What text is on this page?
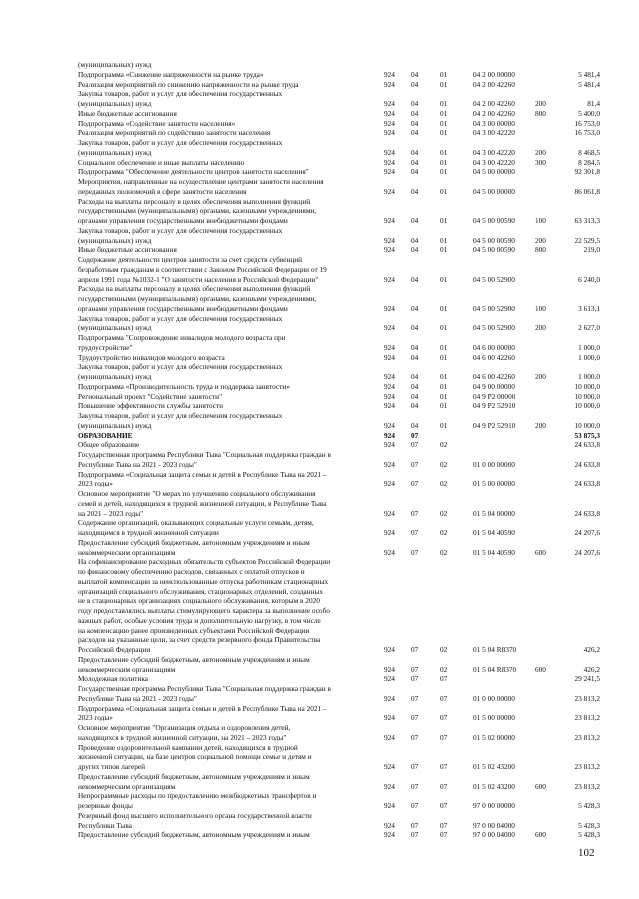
(муниципальных) нужд
Подпрограмма «Снижение напряженности на рынке труда»	924	04	01	04 2 00 00000	5 481,4
Реализация мероприятий по снижению напряженности на рынке труда	924	04	01	04 2 00 42260	5 481,4
Закупка товаров, работ и услуг для обеспечения государственных
(муниципальных) нужд	924	04	01	04 2 00 42260	200	81,4
Иные бюджетные ассигнования	924	04	01	04 2 00 42260	800	5 400,0
Подпрограмма «Содействие занятости населения»	924	04	01	04 3 00 00000	16 753,0
Реализация мероприятий по содействию занятости населения	924	04	01	04 3 00 42220	16 753,0
Закупка товаров, работ и услуг для обеспечения государственных
(муниципальных) нужд	924	04	01	04 3 00 42220	200	8 468,5
Социальное обеспечение и иные выплаты населению	924	04	01	04 3 00 42220	300	8 284,5
Подпрограмма "Обеспечение деятельности центров занятости населения"	924	04	01	04 5 00 00000	92 301,8
Мероприятия, направленные на осуществление центрами занятости населения
переданных полномочий в сфере занятости населения	924	04	01	04 5 00 00000	86 061,8
Расходы на выплаты персоналу в целях обеспечения выполнения функций
государственными (муниципальными) органами, казенными учреждениями,
органами управления государственными внебюджетными фондами	924	04	01	04 5 00 00590	100	63 313,3
Закупка товаров, работ и услуг для обеспечения государственных
(муниципальных) нужд	924	04	01	04 5 00 00590	200	22 529,5
Иные бюджетные ассигнования	924	04	01	04 5 00 00590	800	219,0
Содержание деятельности центров занятости за счет средств субвенций
безработным гражданам в соответствии с Законом Российской Федерации от 19
апреля 1991 года №1032-1 "О занятости населения в Российской Федерации"	924	04	01	04 5 00 52900	6 240,0
Расходы на выплаты персоналу в целях обеспечения выполнения функций
государственными (муниципальными) органами, казенными учреждениями,
органами управления государственными внебюджетными фондами	924	04	01	04 5 00 52900	100	3 613,1
Закупка товаров, работ и услуг для обеспечения государственных
(муниципальных) нужд	924	04	01	04 5 00 52900	200	2 627,0
Подпрограмма "Сопровождение инвалидов молодого возраста при
трудоустройстве"	924	04	01	04 6 00 00000	1 000,0
Трудоустройство инвалидов молодого возраста	924	04	01	04 6 00 42260	1 000,0
Закупка товаров, работ и услуг для обеспечения государственных
(муниципальных) нужд	924	04	01	04 6 00 42260	200	1 000,0
Подпрограмма «Производительность труда и поддержка занятости»	924	04	01	04 9 00 00000	10 000,0
Региональный проект "Содействие занятости"	924	04	01	04 9 P2 00000	10 000,0
Повышение эффективности службы занятости	924	04	01	04 9 P2 52910	10 000,0
Закупка товаров, работ и услуг для обеспечения государственных
(муниципальных) нужд	924	04	01	04 9 P2 52910	200	10 000,0
ОБРАЗОВАНИЕ	924	07	53 875,3
Общее образование	924	07	02	24 633,8
Государственная программа Республики Тыва "Социальная поддержка граждан в
Республике Тыва на 2021 - 2023 годы"	924	07	02	01 0 00 00000	24 633,8
Подпрограмма «Социальная защита семьи и детей в Республике Тыва на 2021 –
2023 годы»	924	07	02	01 5 00 00000	24 633,8
Основное мероприятие "О мерах по улучшению социального обслуживания
семей и детей, находящихся в трудной жизненной ситуации, в Республике Тыва
на 2021 – 2023 годы"	924	07	02	01 5 04 00000	24 633,8
Содержание организаций, оказывающих социальные услуги семьям, детям,
находящимся в трудной жизненной ситуации	924	07	02	01 5 04 40590	24 207,6
Предоставление субсидий бюджетным, автономным учреждениям и иным
некоммерческим организациям	924	07	02	01 5 04 40590	600	24 207,6
На софинансирование расходных обязательств субъектов Российской Федерации
по финансовому обеспечению расходов, связанных с оплатой отпусков и
выплатой компенсации за неиспользованные отпуска работникам стационарных
организаций социального обслуживания, стационарных отделений, созданных
не в стационарных организациях социального обслуживания, которым в 2020
году предоставлялись выплаты стимулирующего характера за выполнение особо
важных работ, особые условия труда и дополнительную нагрузку, в том числе
на компенсацию ранее произведенных субъектами Российской Федерации
расходов на указанные цели, за счет средств резервного фонда Правительства
Российской Федерации	924	07	02	01 5 04 R8370	426,2
Предоставление субсидий бюджетным, автономным учреждениям и иным
некоммерческим организациям	924	07	02	01 5 04 R8370	600	426,2
Молодежная политика	924	07	07	29 241,5
Государственная программа Республики Тыва "Социальная поддержка граждан в
Республике Тыва на 2021 - 2023 годы"	924	07	07	01 0 00 00000	23 813,2
Подпрограмма «Социальная защита семьи и детей в Республике Тыва на 2021 –
2023 годы»	924	07	07	01 5 00 00000	23 813,2
Основное мероприятие "Организация отдыха и оздоровления детей,
находящихся в трудной жизненной ситуации, на 2021 – 2023 годы"	924	07	07	01 5 02 00000	23 813,2
Проведение оздоровительной кампании детей, находящихся в трудной
жизненной ситуации, на базе центров социальной помощи семье и детям и
других типов лагерей	924	07	07	01 5 02 43200	23 813,2
Предоставление субсидий бюджетным, автономным учреждениям и иным
некоммерческим организациям	924	07	07	01 5 02 43200	600	23 813,2
Непрограммные расходы по предоставлению межбюджетных трансфертов и
резервные фонды	924	07	07	97 0 00 00000	5 428,3
Резервный фонд высшего исполнительного органа государственной власти
Республики Тыва	924	07	07	97 0 00 04000	5 428,3
Предоставление субсидий бюджетным, автономным учреждениям и иным	924	07	07	97 0 00 04000	600	5 428,3
102
